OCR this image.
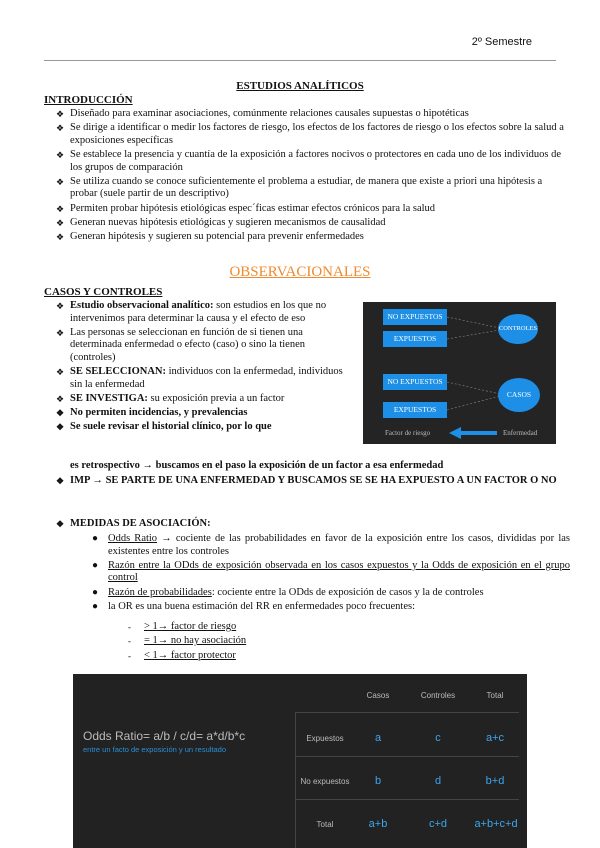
2º Semestre
ESTUDIOS ANALÍTICOS
INTRODUCCIÓN
❖ Diseñado para examinar asociaciones, comúnmente relaciones causales supuestas o hipotéticas
❖ Se dirige a identificar o medir los factores de riesgo, los efectos de los factores de riesgo o los efectos sobre la salud a exposiciones específicas
❖ Se establece la presencia y cuantía de la exposición a factores nocivos o protectores en cada uno de los individuos de los grupos de comparación
❖ Se utiliza cuando se conoce suficientemente el problema a estudiar, de manera que existe a priori una hipótesis a probar (suele partir de un descriptivo)
❖ Permiten probar hipótesis etiológicas espec´ficas estimar efectos crónicos para la salud
❖ Generan nuevas hipótesis etiológicas y sugieren mecanismos de causalidad
❖ Generan hipótesis y sugieren su potencial para prevenir enfermedades
OBSERVACIONALES
CASOS Y CONTROLES
❖ Estudio observacional analítico: son estudios en los que no intervenimos para determinar la causa y el efecto de eso
❖ Las personas se seleccionan en función de si tienen una determinada enfermedad o efecto (caso) o sino la tienen (controles)
❖ SE SELECCIONAN: individuos con la enfermedad, individuos sin la enfermedad
❖ SE INVESTIGA: su exposición previa a un factor
❖ No permiten incidencias, y prevalencias
❖ Se suele revisar el historial clínico, por lo que
es retrospectivo → buscamos en el paso la exposición de un factor a esa enfermedad
❖ IMP → SE PARTE DE UNA ENFERMEDAD Y BUSCAMOS SE SE HA EXPUESTO A UN FACTOR O NO
NO EXPUESTOS
EXPUESTOS
CONTROLES
NO EXPUESTOS
EXPUESTOS
CASOS
Factor de riesgo	Enfermedad
❖ MEDIDAS DE ASOCIACIÓN:
● Odds Ratio → cociente de las probabilidades en favor de la exposición entre los casos, divididas por las existentes entre los controles
● Razón entre la ODds de exposición observada en los casos expuestos y la Odds de exposición en el grupo control
● Razón de probabilidades: cociente entre la ODds de exposición de casos y la de controles
● la OR es una buena estimación del RR en enfermedades poco frecuentes:
- > 1→ factor de riesgo
- = 1→ no hay asociación
- < 1→ factor protector
Odds Ratio= a/b / c/d= a*d/b*c
entre un facto de exposición y un resultado
Casos	Controles	Total
Expuestos	a	c	a+c
No expuestos	b	d	b+d
Total	a+b	c+d	a+b+c+d
